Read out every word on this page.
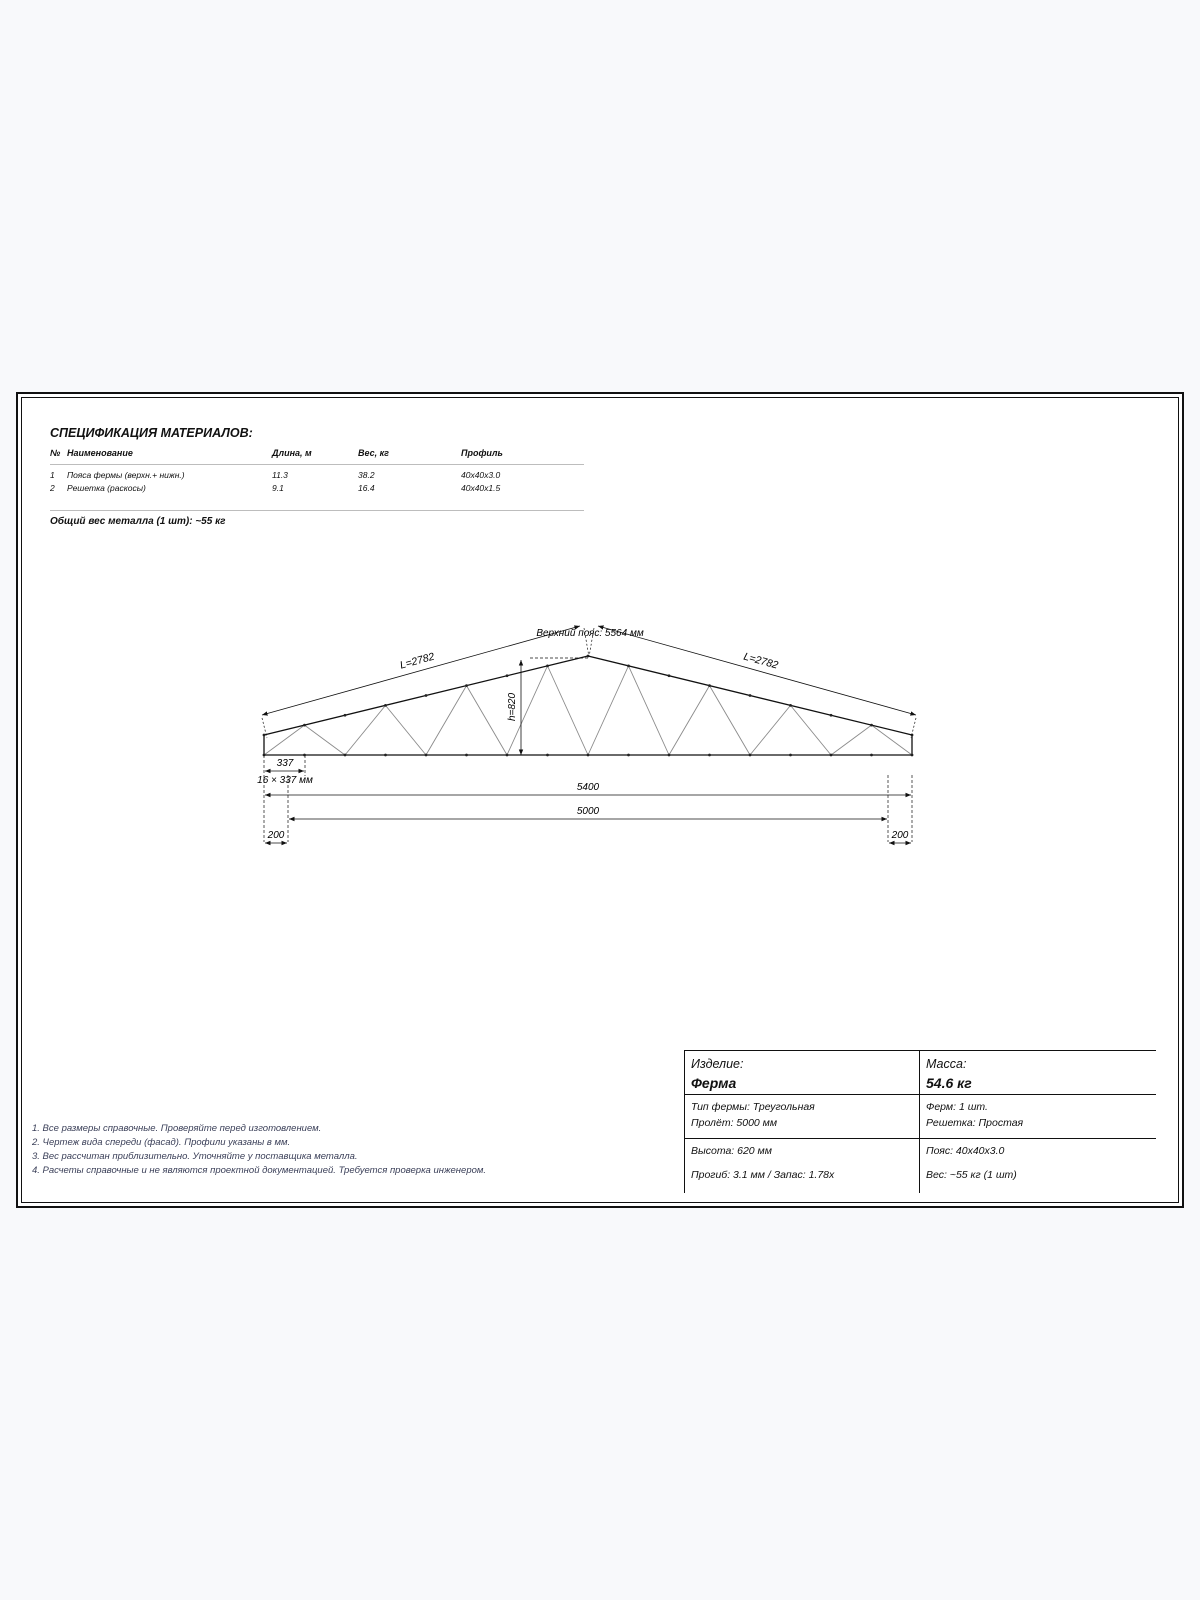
СПЕЦИФИКАЦИЯ МАТЕРИАЛОВ:
№ Наименование	Длина, м	Вес, кг	Профиль
1 Пояса фермы (верхн.+ нижн.)	11.3	38.2	40x40x3.0
2 Решетка (раскосы)	9.1	16.4	40x40x1.5
Общий вес металла (1 шт): ~55 кг
L=2782	L=2782
Верхний пояс: 5564 мм
h=820
337
16 × 337 мм
5400
5000
200	200
1. Все размеры справочные. Проверяйте перед изготовлением.
2. Чертеж вида спереди (фасад). Профили указаны в мм.
3. Вес рассчитан приблизительно. Уточняйте у поставщика металла.
4. Расчеты справочные и не являются проектной документацией. Требуется проверка инженером.
Изделие:
Ферма
Масса:
54.6 кг
Тип фермы: Треугольная
Пролёт: 5000 мм
Ферм: 1 шт.
Решетка: Простая
Высота: 620 мм
Прогиб: 3.1 мм / Запас: 1.78x
Пояс: 40x40x3.0
Вес: ~55 кг (1 шт)
